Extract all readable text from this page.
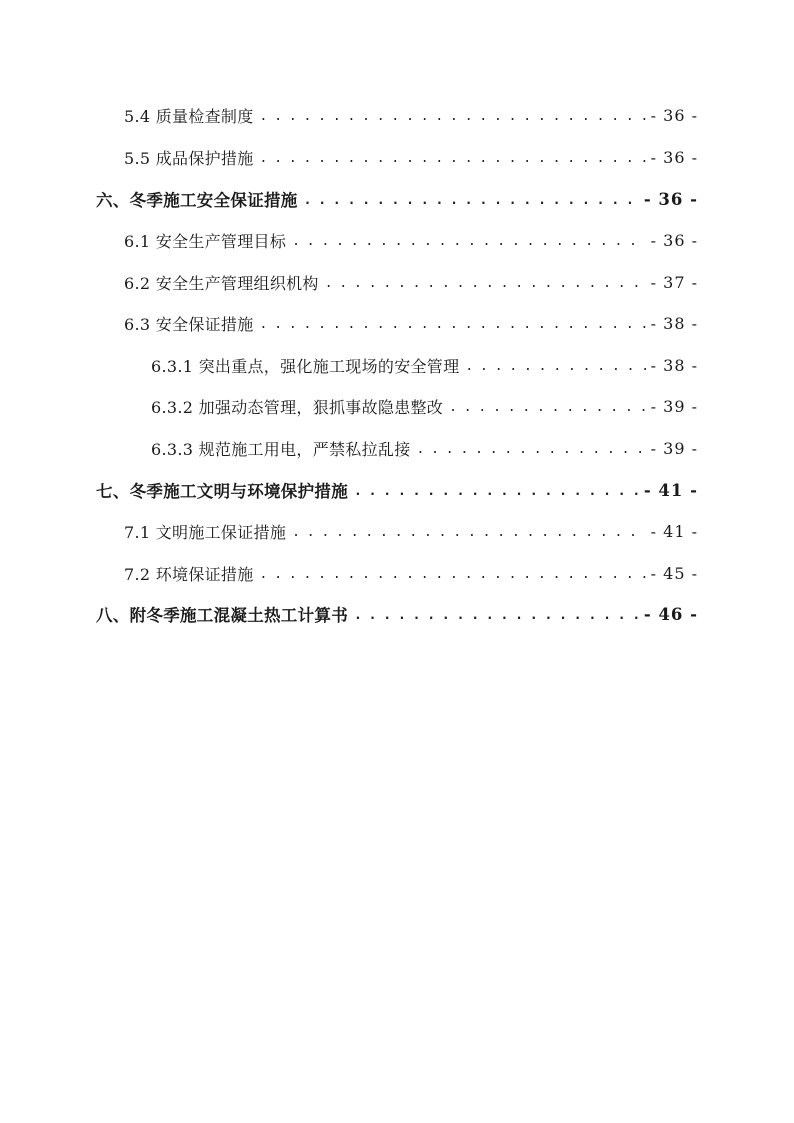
5.4 质量检查制度 . . .	- 36 -
5.5 成品保护措施 . . .	- 36 -
六、冬季施工安全保证措施 . . .	- 36 -
6.1 安全生产管理目标 . . .	- 36 -
6.2 安全生产管理组织机构 . . .	- 37 -
6.3 安全保证措施 . . .	- 38 -
6.3.1 突出重点，强化施工现场的安全管理 . . .	- 38 -
6.3.2 加强动态管理，狠抓事故隐患整改 . . .	- 39 -
6.3.3 规范施工用电，严禁私拉乱接 . . .	- 39 -
七、冬季施工文明与环境保护措施 . . .	- 41 -
7.1 文明施工保证措施 . . .	- 41 -
7.2 环境保证措施 . . .	- 45 -
八、附冬季施工混凝土热工计算书 . . .	- 46 -
